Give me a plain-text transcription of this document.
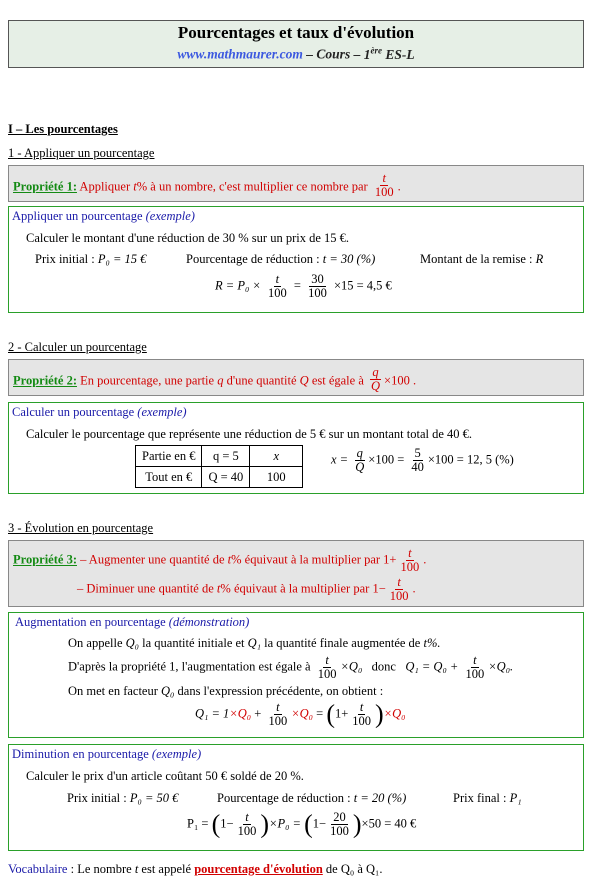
Pourcentages et taux d'évolution
www.mathmaurer.com – Cours – 1ère ES-L
I – Les pourcentages
1 - Appliquer un pourcentage
Propriété 1: Appliquer t% à un nombre, c'est multiplier ce nombre par $\frac{t}{100}$ .
Appliquer un pourcentage (exemple)
Calculer le montant d'une réduction de 30 % sur un prix de 15 €.
Prix initial : P₀ = 15 €	Pourcentage de réduction : t = 30 (%)	Montant de la remise : R
$R = P_0 \times \frac{t}{100} = \frac{30}{100} \times 15 = 4,5$ €
2 - Calculer un pourcentage
Propriété 2: En pourcentage, une partie q d'une quantité Q est égale à $\frac{q}{Q} \times 100$ .
Calculer un pourcentage (exemple)
Calculer le pourcentage que représente une réduction de 5 € sur un montant total de 40 €.
Partie en €	q = 5	x
Tout en €	Q = 40	100
$x = \frac{q}{Q} \times 100 = \frac{5}{40} \times 100 = 12$, 5 (%)
3 - Évolution en pourcentage
Propriété 3: – Augmenter une quantité de t% équivaut à la multiplier par $1+ \frac{t}{100}$ .
– Diminuer une quantité de t% équivaut à la multiplier par $1- \frac{t}{100}$ .
Augmentation en pourcentage (démonstration)
On appelle Q₀ la quantité initiale et Q₁ la quantité finale augmentée de t%.
D'après la propriété 1, l'augmentation est égale à $\frac{t}{100} \times Q_0$ donc $Q_1 = Q_0 + \frac{t}{100} \times Q_0$.
On met en facteur Q₀ dans l'expression précédente, on obtient :
$Q_1 = 1\times Q_0 + \frac{t}{100} \times Q_0 = (1+ \frac{t}{100} )\times Q_0$
Diminution en pourcentage (exemple)
Calculer le prix d'un article coûtant 50 € soldé de 20 %.
Prix initial : P₀ = 50 €	Pourcentage de réduction : t = 20 (%)	Prix final : P₁
$P_1 = (1- \frac{t}{100} )\times P_0 = (1- \frac{20}{100} )\times 50 = 40$ €
Vocabulaire : Le nombre t est appelé pourcentage d'évolution de Q₀ à Q₁.
